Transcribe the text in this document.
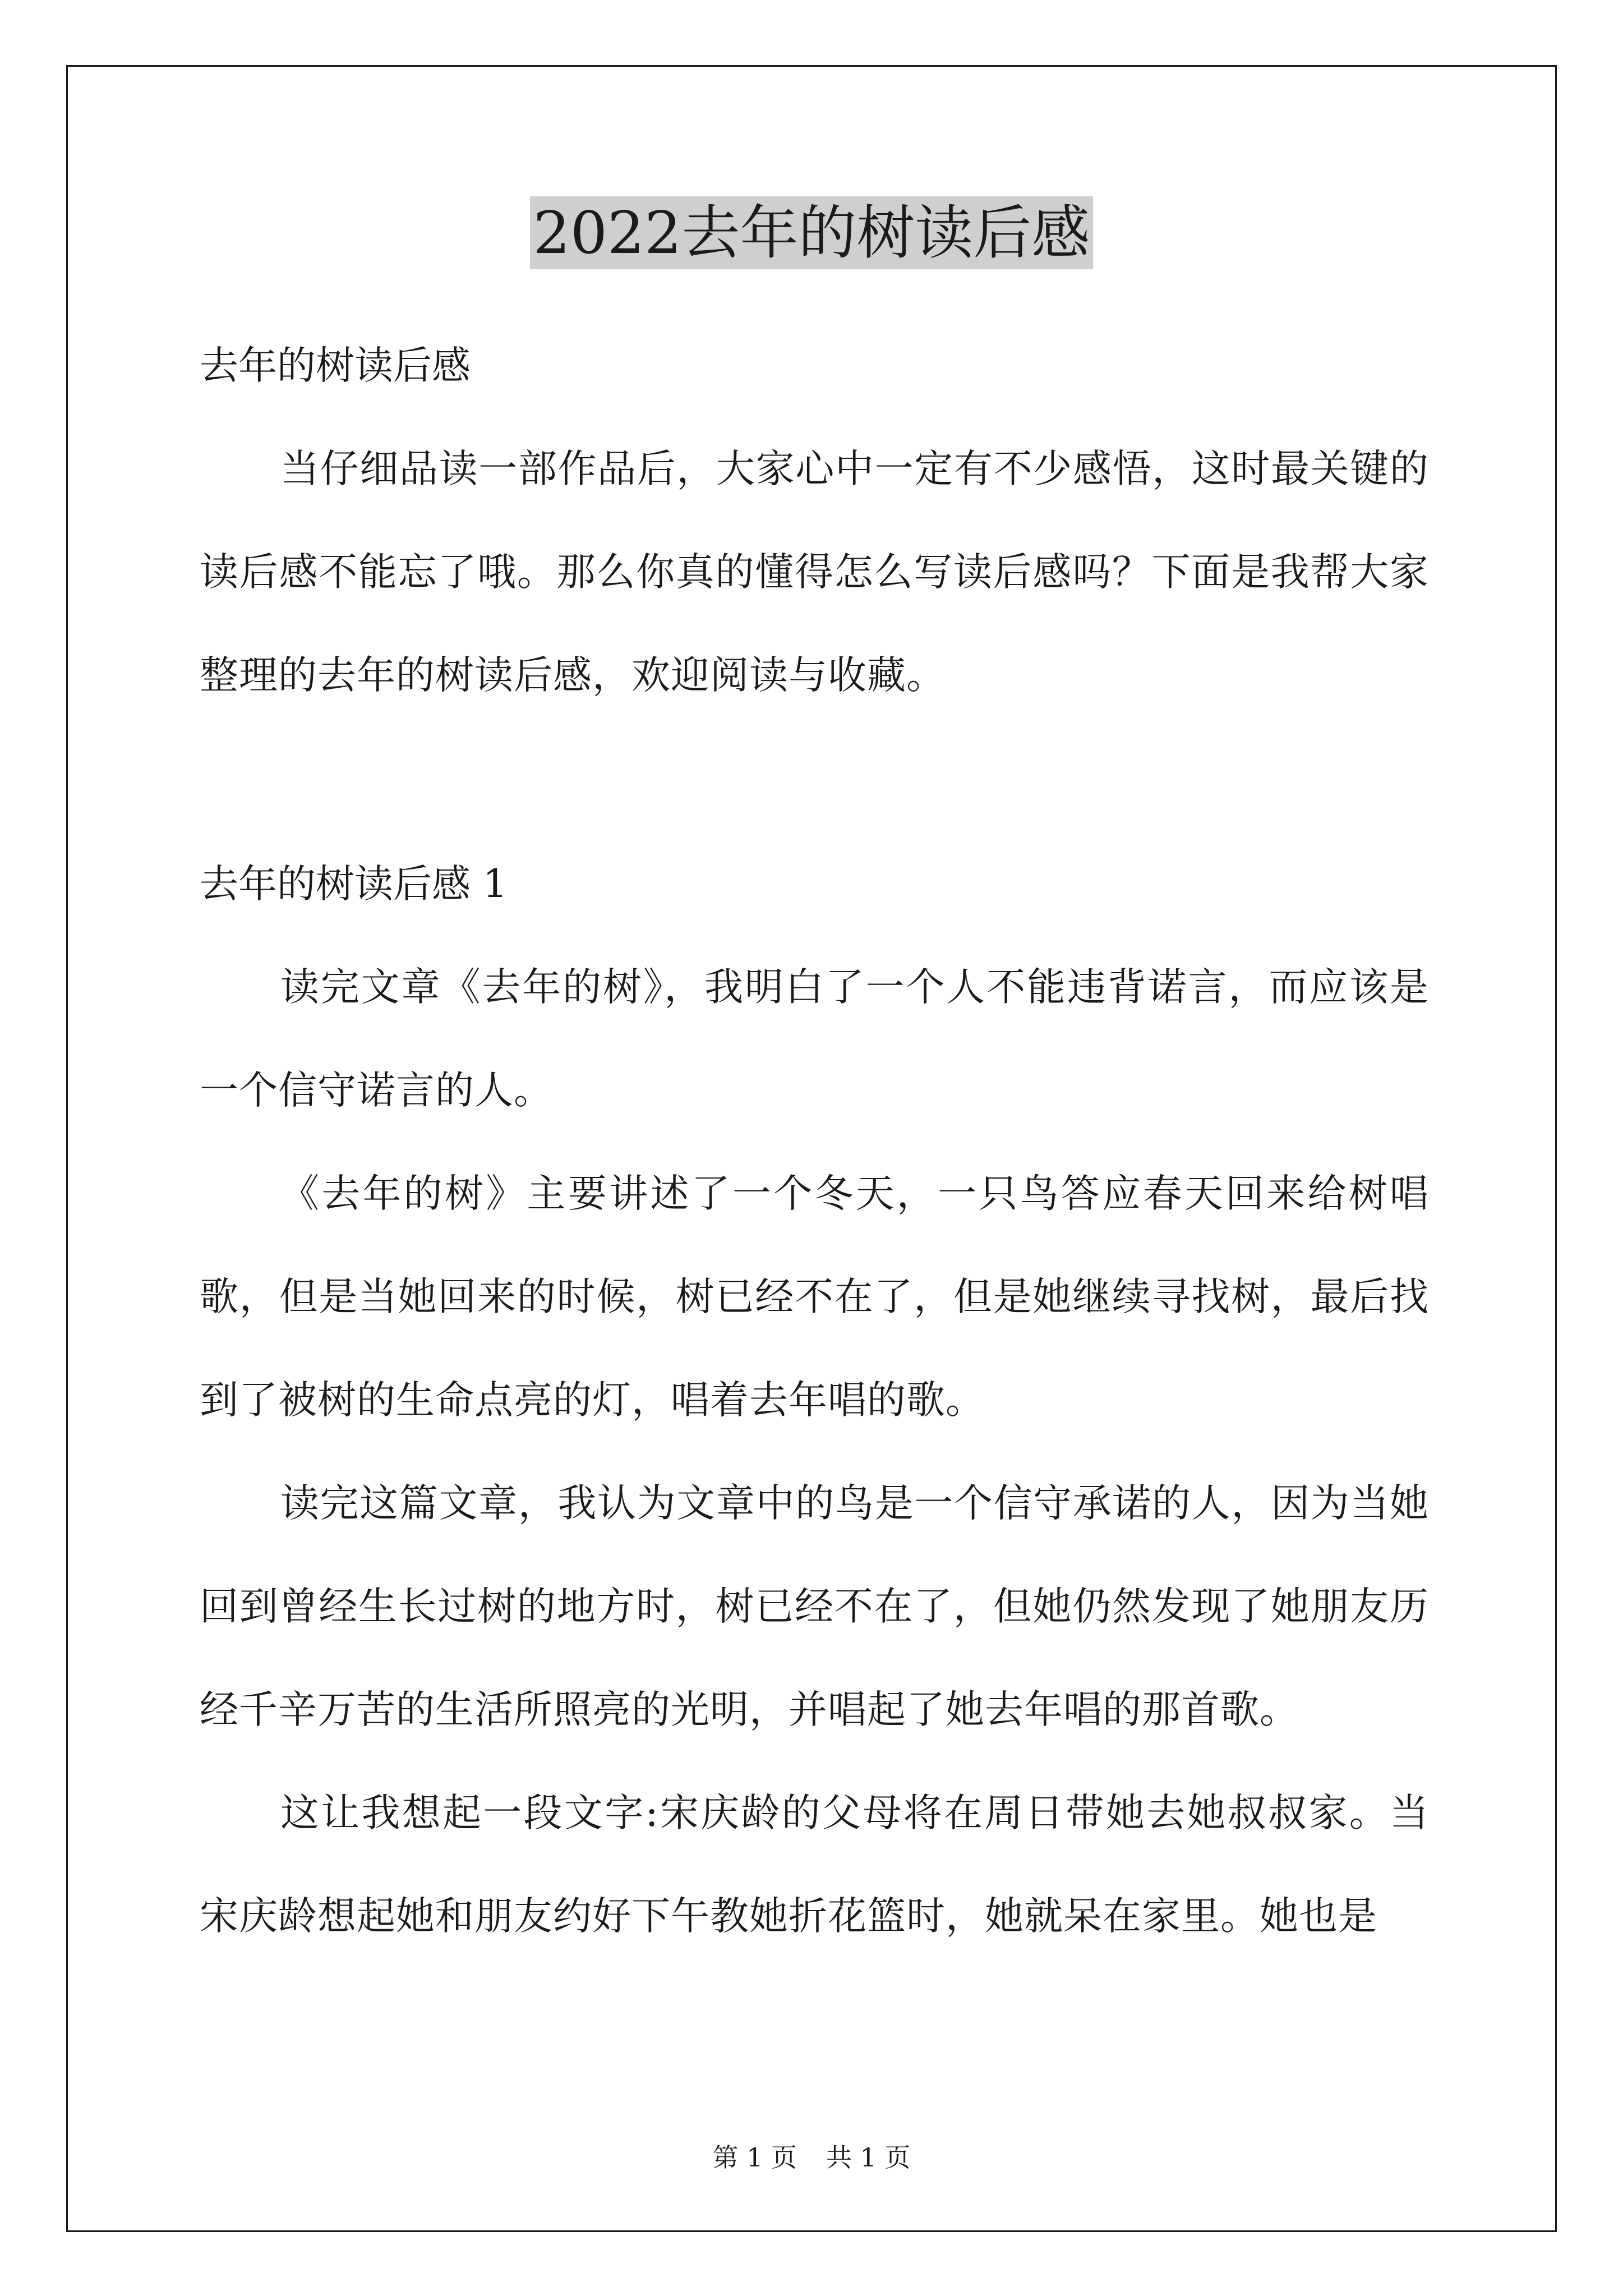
2022去年的树读后感

去年的树读后感

当仔细品读一部作品后，大家心中一定有不少感悟，这时最关键的读后感不能忘了哦。那么你真的懂得怎么写读后感吗？下面是我帮大家整理的去年的树读后感，欢迎阅读与收藏。

去年的树读后感 1

读完文章《去年的树》，我明白了一个人不能违背诺言，而应该是一个信守诺言的人。

《去年的树》主要讲述了一个冬天，一只鸟答应春天回来给树唱歌，但是当她回来的时候，树已经不在了，但是她继续寻找树，最后找到了被树的生命点亮的灯，唱着去年唱的歌。

读完这篇文章，我认为文章中的鸟是一个信守承诺的人，因为当她回到曾经生长过树的地方时，树已经不在了，但她仍然发现了她朋友历经千辛万苦的生活所照亮的光明，并唱起了她去年唱的那首歌。

这让我想起一段文字:宋庆龄的父母将在周日带她去她叔叔家。当宋庆龄想起她和朋友约好下午教她折花篮时，她就呆在家里。她也是

第 1 页 共 1 页
